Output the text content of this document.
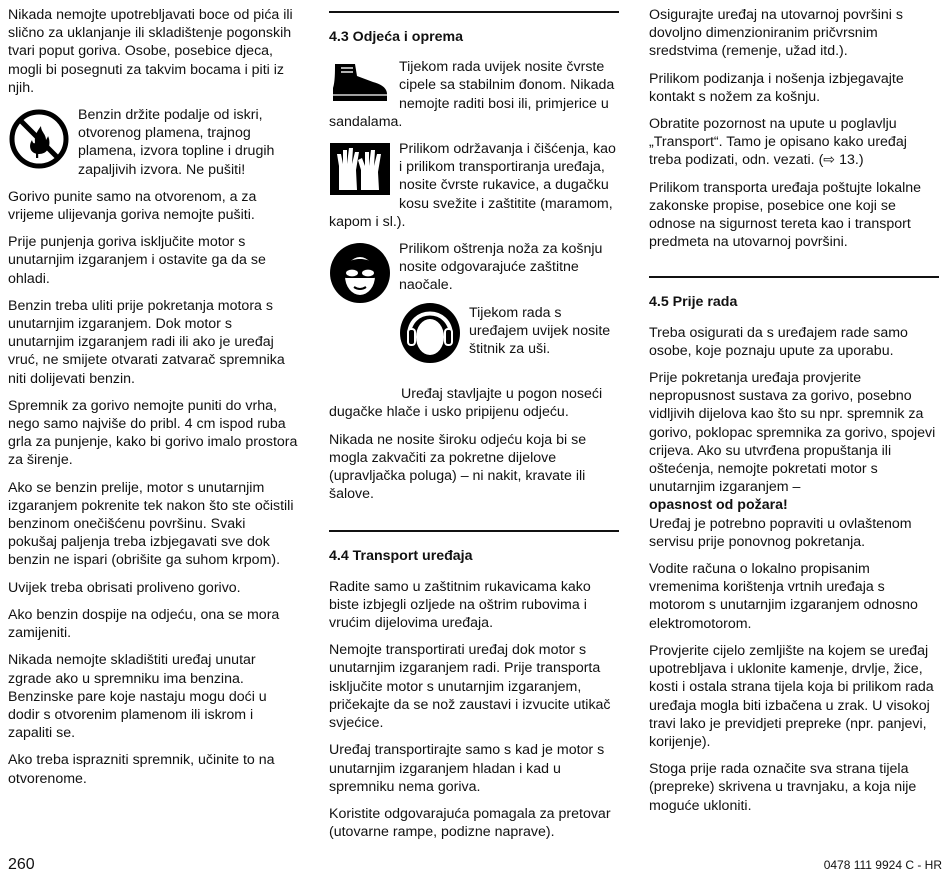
Nikada nemojte upotrebljavati boce od pića ili slično za uklanjanje ili skladištenje pogonskih tvari poput goriva. Osobe, posebice djeca, mogli bi posegnuti za takvim bocama i piti iz njih.

Benzin držite podalje od iskri, otvorenog plamena, trajnog plamena, izvora topline i drugih zapaljivih izvora. Ne pušiti!

Gorivo punite samo na otvorenom, a za vrijeme ulijevanja goriva nemojte pušiti.

Prije punjenja goriva isključite motor s unutarnjim izgaranjem i ostavite ga da se ohladi.

Benzin treba uliti prije pokretanja motora s unutarnjim izgaranjem. Dok motor s unutarnjim izgaranjem radi ili ako je uređaj vruć, ne smijete otvarati zatvarač spremnika niti dolijevati benzin.

Spremnik za gorivo nemojte puniti do vrha, nego samo najviše do pribl. 4 cm ispod ruba grla za punjenje, kako bi gorivo imalo prostora za širenje.

Ako se benzin prelije, motor s unutarnjim izgaranjem pokrenite tek nakon što ste očistili benzinom onečišćenu površinu. Svaki pokušaj paljenja treba izbjegavati sve dok benzin ne ispari (obrišite ga suhom krpom).

Uvijek treba obrisati proliveno gorivo.

Ako benzin dospije na odjeću, ona se mora zamijeniti.

Nikada nemojte skladištiti uređaj unutar zgrade ako u spremniku ima benzina. Benzinske pare koje nastaju mogu doći u dodir s otvorenim plamenom ili iskrom i zapaliti se.

Ako treba isprazniti spremnik, učinite to na otvorenome.

4.3 Odjeća i oprema

Tijekom rada uvijek nosite čvrste cipele sa stabilnim đonom. Nikada nemojte raditi bosi ili, primjerice u sandalama.

Prilikom održavanja i čišćenja, kao i prilikom transportiranja uređaja, nosite čvrste rukavice, a dugačku kosu svežite i zaštitite (maramom, kapom i sl.).

Prilikom oštrenja noža za košnju nosite odgovarajuće zaštitne naočale.

Tijekom rada s uređajem uvijek nosite štitnik za uši.

Uređaj stavljajte u pogon noseći dugačke hlače i usko pripijenu odjeću.

Nikada ne nosite široku odjeću koja bi se mogla zakvačiti za pokretne dijelove (upravljačka poluga) – ni nakit, kravate ili šalove.

4.4 Transport uređaja

Radite samo u zaštitnim rukavicama kako biste izbjegli ozljede na oštrim rubovima i vrućim dijelovima uređaja.

Nemojte transportirati uređaj dok motor s unutarnjim izgaranjem radi. Prije transporta isključite motor s unutarnjim izgaranjem, pričekajte da se nož zaustavi i izvucite utikač svjećice.

Uređaj transportirajte samo s kad je motor s unutarnjim izgaranjem hladan i kad u spremniku nema goriva.

Koristite odgovarajuća pomagala za pretovar (utovarne rampe, podizne naprave).

Osigurajte uređaj na utovarnoj površini s dovoljno dimenzioniranim pričvrsnim sredstvima (remenje, užad itd.).

Prilikom podizanja i nošenja izbjegavajte kontakt s nožem za košnju.

Obratite pozornost na upute u poglavlju „Transport“. Tamo je opisano kako uređaj treba podizati, odn. vezati. (⇨ 13.)

Prilikom transporta uređaja poštujte lokalne zakonske propise, posebice one koji se odnose na sigurnost tereta kao i transport predmeta na utovarnoj površini.

4.5 Prije rada

Treba osigurati da s uređajem rade samo osobe, koje poznaju upute za uporabu.

Prije pokretanja uređaja provjerite nepropusnost sustava za gorivo, posebno vidljivih dijelova kao što su npr. spremnik za gorivo, poklopac spremnika za gorivo, spojevi crijeva. Ako su utvrđena propuštanja ili oštećenja, nemojte pokretati motor s unutarnjim izgaranjem –
opasnost od požara!
Uređaj je potrebno popraviti u ovlaštenom servisu prije ponovnog pokretanja.

Vodite računa o lokalno propisanim vremenima korištenja vrtnih uređaja s motorom s unutarnjim izgaranjem odnosno elektromotorom.

Provjerite cijelo zemljište na kojem se uređaj upotrebljava i uklonite kamenje, drvlje, žice, kosti i ostala strana tijela koja bi prilikom rada uređaja mogla biti izbačena u zrak. U visokoj travi lako je previdjeti prepreke (npr. panjevi, korijenje).

Stoga prije rada označite sva strana tijela (prepreke) skrivena u travnjaku, a koja nije moguće ukloniti.

260	0478 111 9924 C - HR
